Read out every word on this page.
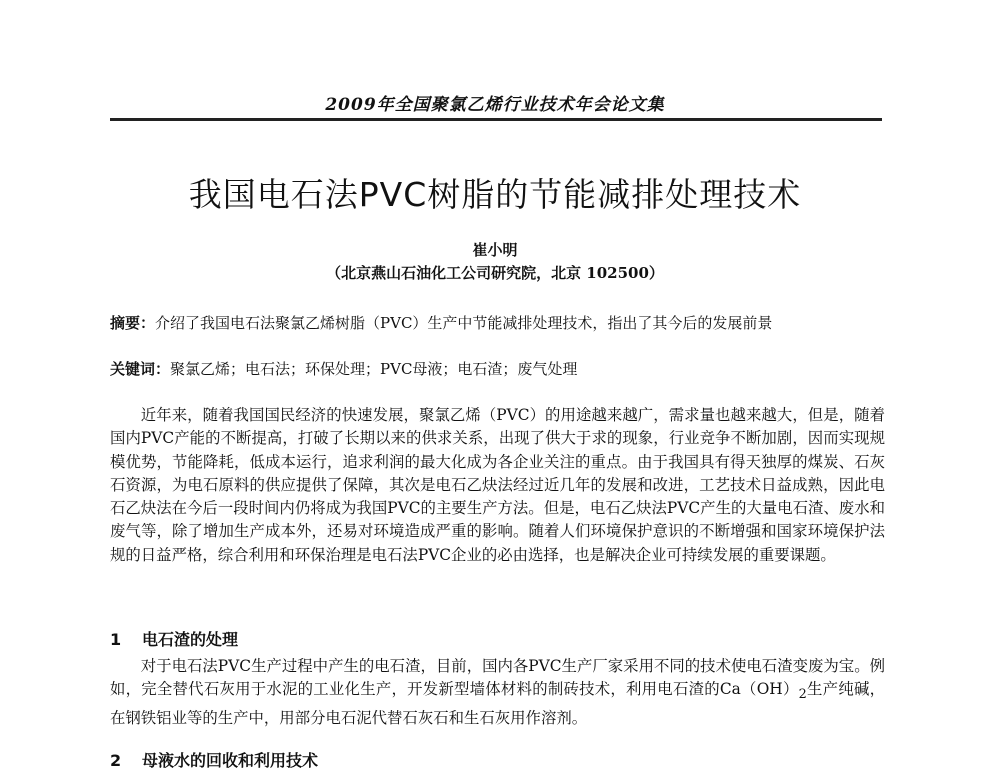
2009年全国聚氯乙烯行业技术年会论文集
我国电石法PVC树脂的节能减排处理技术
崔小明
（北京燕山石油化工公司研究院，北京 102500）
摘要：介绍了我国电石法聚氯乙烯树脂（PVC）生产中节能减排处理技术，指出了其今后的发展前景
关键词：聚氯乙烯；电石法；环保处理；PVC母液；电石渣；废气处理

近年来，随着我国国民经济的快速发展，聚氯乙烯（PVC）的用途越来越广，需求量也越来越大，但是，随着国内PVC产能的不断提高，打破了长期以来的供求关系，出现了供大于求的现象，行业竞争不断加剧，因而实现规模优势，节能降耗，低成本运行，追求利润的最大化成为各企业关注的重点。由于我国具有得天独厚的煤炭、石灰石资源，为电石原料的供应提供了保障，其次是电石乙炔法经过近几年的发展和改进，工艺技术日益成熟，因此电石乙炔法在今后一段时间内仍将成为我国PVC的主要生产方法。但是，电石乙炔法PVC产生的大量电石渣、废水和废气等，除了增加生产成本外，还易对环境造成严重的影响。随着人们环境保护意识的不断增强和国家环境保护法规的日益严格，综合利用和环保治理是电石法PVC企业的必由选择，也是解决企业可持续发展的重要课题。

1 电石渣的处理

对于电石法PVC生产过程中产生的电石渣，目前，国内各PVC生产厂家采用不同的技术使电石渣变废为宝。例如，完全替代石灰用于水泥的工业化生产，开发新型墙体材料的制砖技术，利用电石渣的$Ca(OH)_2$生产纯碱，在钢铁铝业等的生产中，用部分电石泥代替石灰石和生石灰用作溶剂。

2 母液水的回收和利用技术
